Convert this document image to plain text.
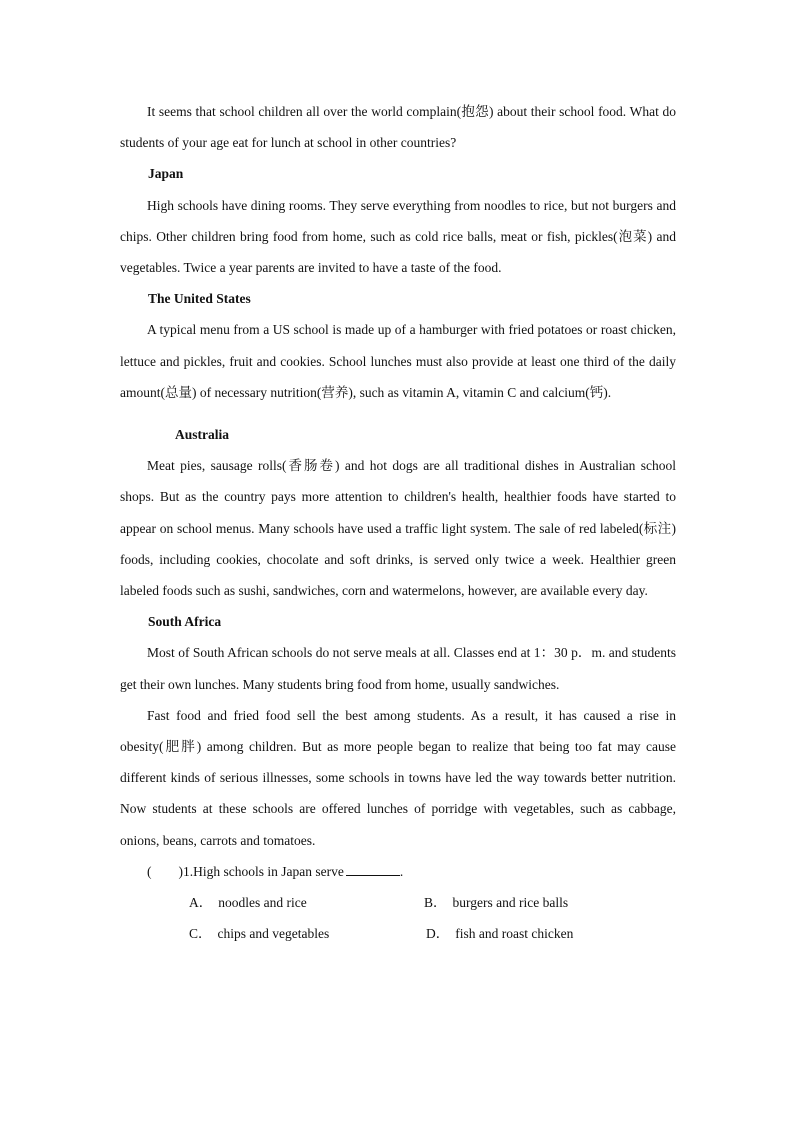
It seems that school children all over the world complain(抱怨) about their school food. What do students of your age eat for lunch at school in other countries?

Japan

High schools have dining rooms. They serve everything from noodles to rice, but not burgers and chips. Other children bring food from home, such as cold rice balls, meat or fish, pickles(泡菜) and vegetables. Twice a year parents are invited to have a taste of the food.

The United States

A typical menu from a US school is made up of a hamburger with fried potatoes or roast chicken, lettuce and pickles, fruit and cookies. School lunches must also provide at least one third of the daily amount(总量) of necessary nutrition(营养), such as vitamin A, vitamin C and calcium(钙).

Australia

Meat pies, sausage rolls(香肠卷) and hot dogs are all traditional dishes in Australian school shops. But as the country pays more attention to children's health, healthier foods have started to appear on school menus. Many schools have used a traffic light system. The sale of red labeled(标注) foods, including cookies, chocolate and soft drinks, is served only twice a week. Healthier green labeled foods such as sushi, sandwiches, corn and watermelons, however, are available every day.

South Africa

Most of South African schools do not serve meals at all. Classes end at 1：30 p．m. and students get their own lunches. Many students bring food from home, usually sandwiches.

Fast food and fried food sell the best among students. As a result, it has caused a rise in obesity(肥胖) among children. But as more people began to realize that being too fat may cause different kinds of serious illnesses, some schools in towns have led the way towards better nutrition. Now students at these schools are offered lunches of porridge with vegetables, such as cabbage, onions, beans, carrots and tomatoes.

(  )1.High schools in Japan serve	.

A． noodles and rice	B． burgers and rice balls
C． chips and vegetables	D． fish and roast chicken
